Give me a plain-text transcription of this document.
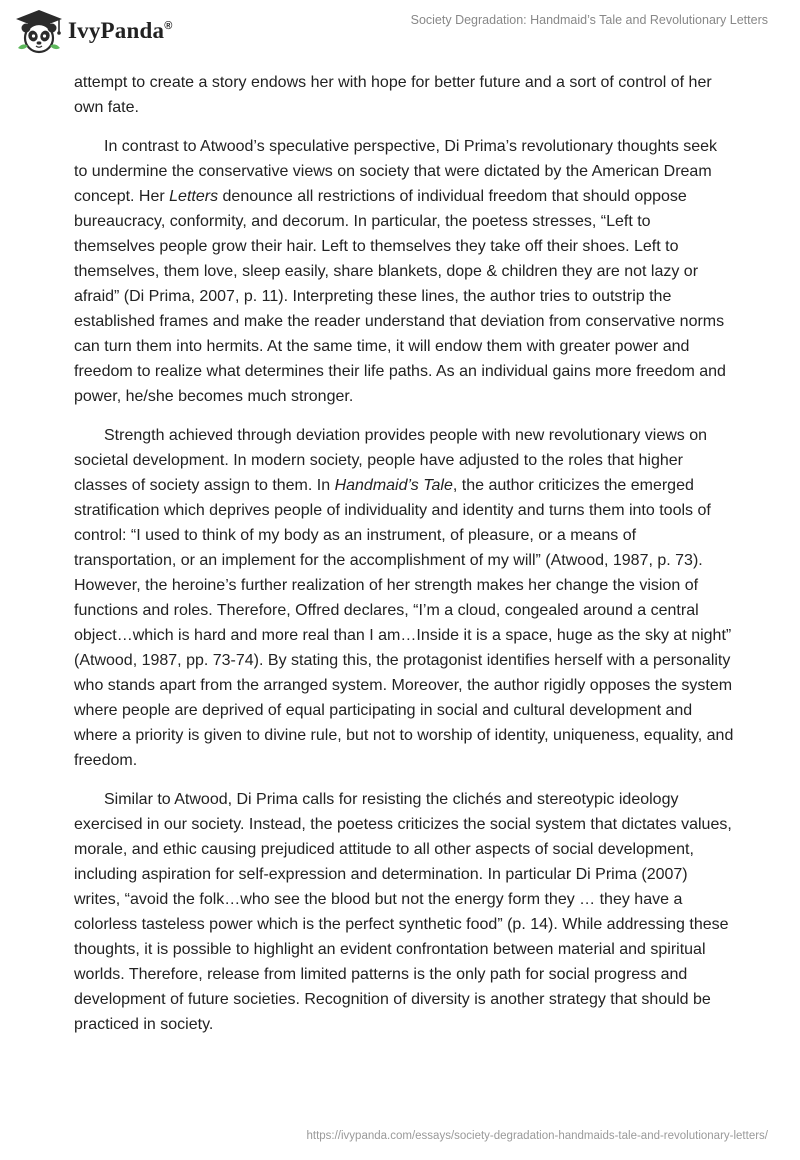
IvyPanda®	Society Degradation: Handmaid’s Tale and Revolutionary Letters

attempt to create a story endows her with hope for better future and a sort of control of her own fate.

In contrast to Atwood’s speculative perspective, Di Prima’s revolutionary thoughts seek to undermine the conservative views on society that were dictated by the American Dream concept. Her Letters denounce all restrictions of individual freedom that should oppose bureaucracy, conformity, and decorum. In particular, the poetess stresses, “Left to themselves people grow their hair. Left to themselves they take off their shoes. Left to themselves, them love, sleep easily, share blankets, dope & children they are not lazy or afraid” (Di Prima, 2007, p. 11). Interpreting these lines, the author tries to outstrip the established frames and make the reader understand that deviation from conservative norms can turn them into hermits. At the same time, it will endow them with greater power and freedom to realize what determines their life paths. As an individual gains more freedom and power, he/she becomes much stronger.

Strength achieved through deviation provides people with new revolutionary views on societal development. In modern society, people have adjusted to the roles that higher classes of society assign to them. In Handmaid’s Tale, the author criticizes the emerged stratification which deprives people of individuality and identity and turns them into tools of control: “I used to think of my body as an instrument, of pleasure, or a means of transportation, or an implement for the accomplishment of my will” (Atwood, 1987, p. 73). However, the heroine’s further realization of her strength makes her change the vision of functions and roles. Therefore, Offred declares, “I’m a cloud, congealed around a central object…which is hard and more real than I am…Inside it is a space, huge as the sky at night” (Atwood, 1987, pp. 73-74). By stating this, the protagonist identifies herself with a personality who stands apart from the arranged system. Moreover, the author rigidly opposes the system where people are deprived of equal participating in social and cultural development and where a priority is given to divine rule, but not to worship of identity, uniqueness, equality, and freedom.

Similar to Atwood, Di Prima calls for resisting the clichés and stereotypic ideology exercised in our society. Instead, the poetess criticizes the social system that dictates values, morale, and ethic causing prejudiced attitude to all other aspects of social development, including aspiration for self-expression and determination. In particular Di Prima (2007) writes, “avoid the folk…who see the blood but not the energy form they … they have a colorless tasteless power which is the perfect synthetic food” (p. 14). While addressing these thoughts, it is possible to highlight an evident confrontation between material and spiritual worlds. Therefore, release from limited patterns is the only path for social progress and development of future societies. Recognition of diversity is another strategy that should be practiced in society.

https://ivypanda.com/essays/society-degradation-handmaids-tale-and-revolutionary-letters/
